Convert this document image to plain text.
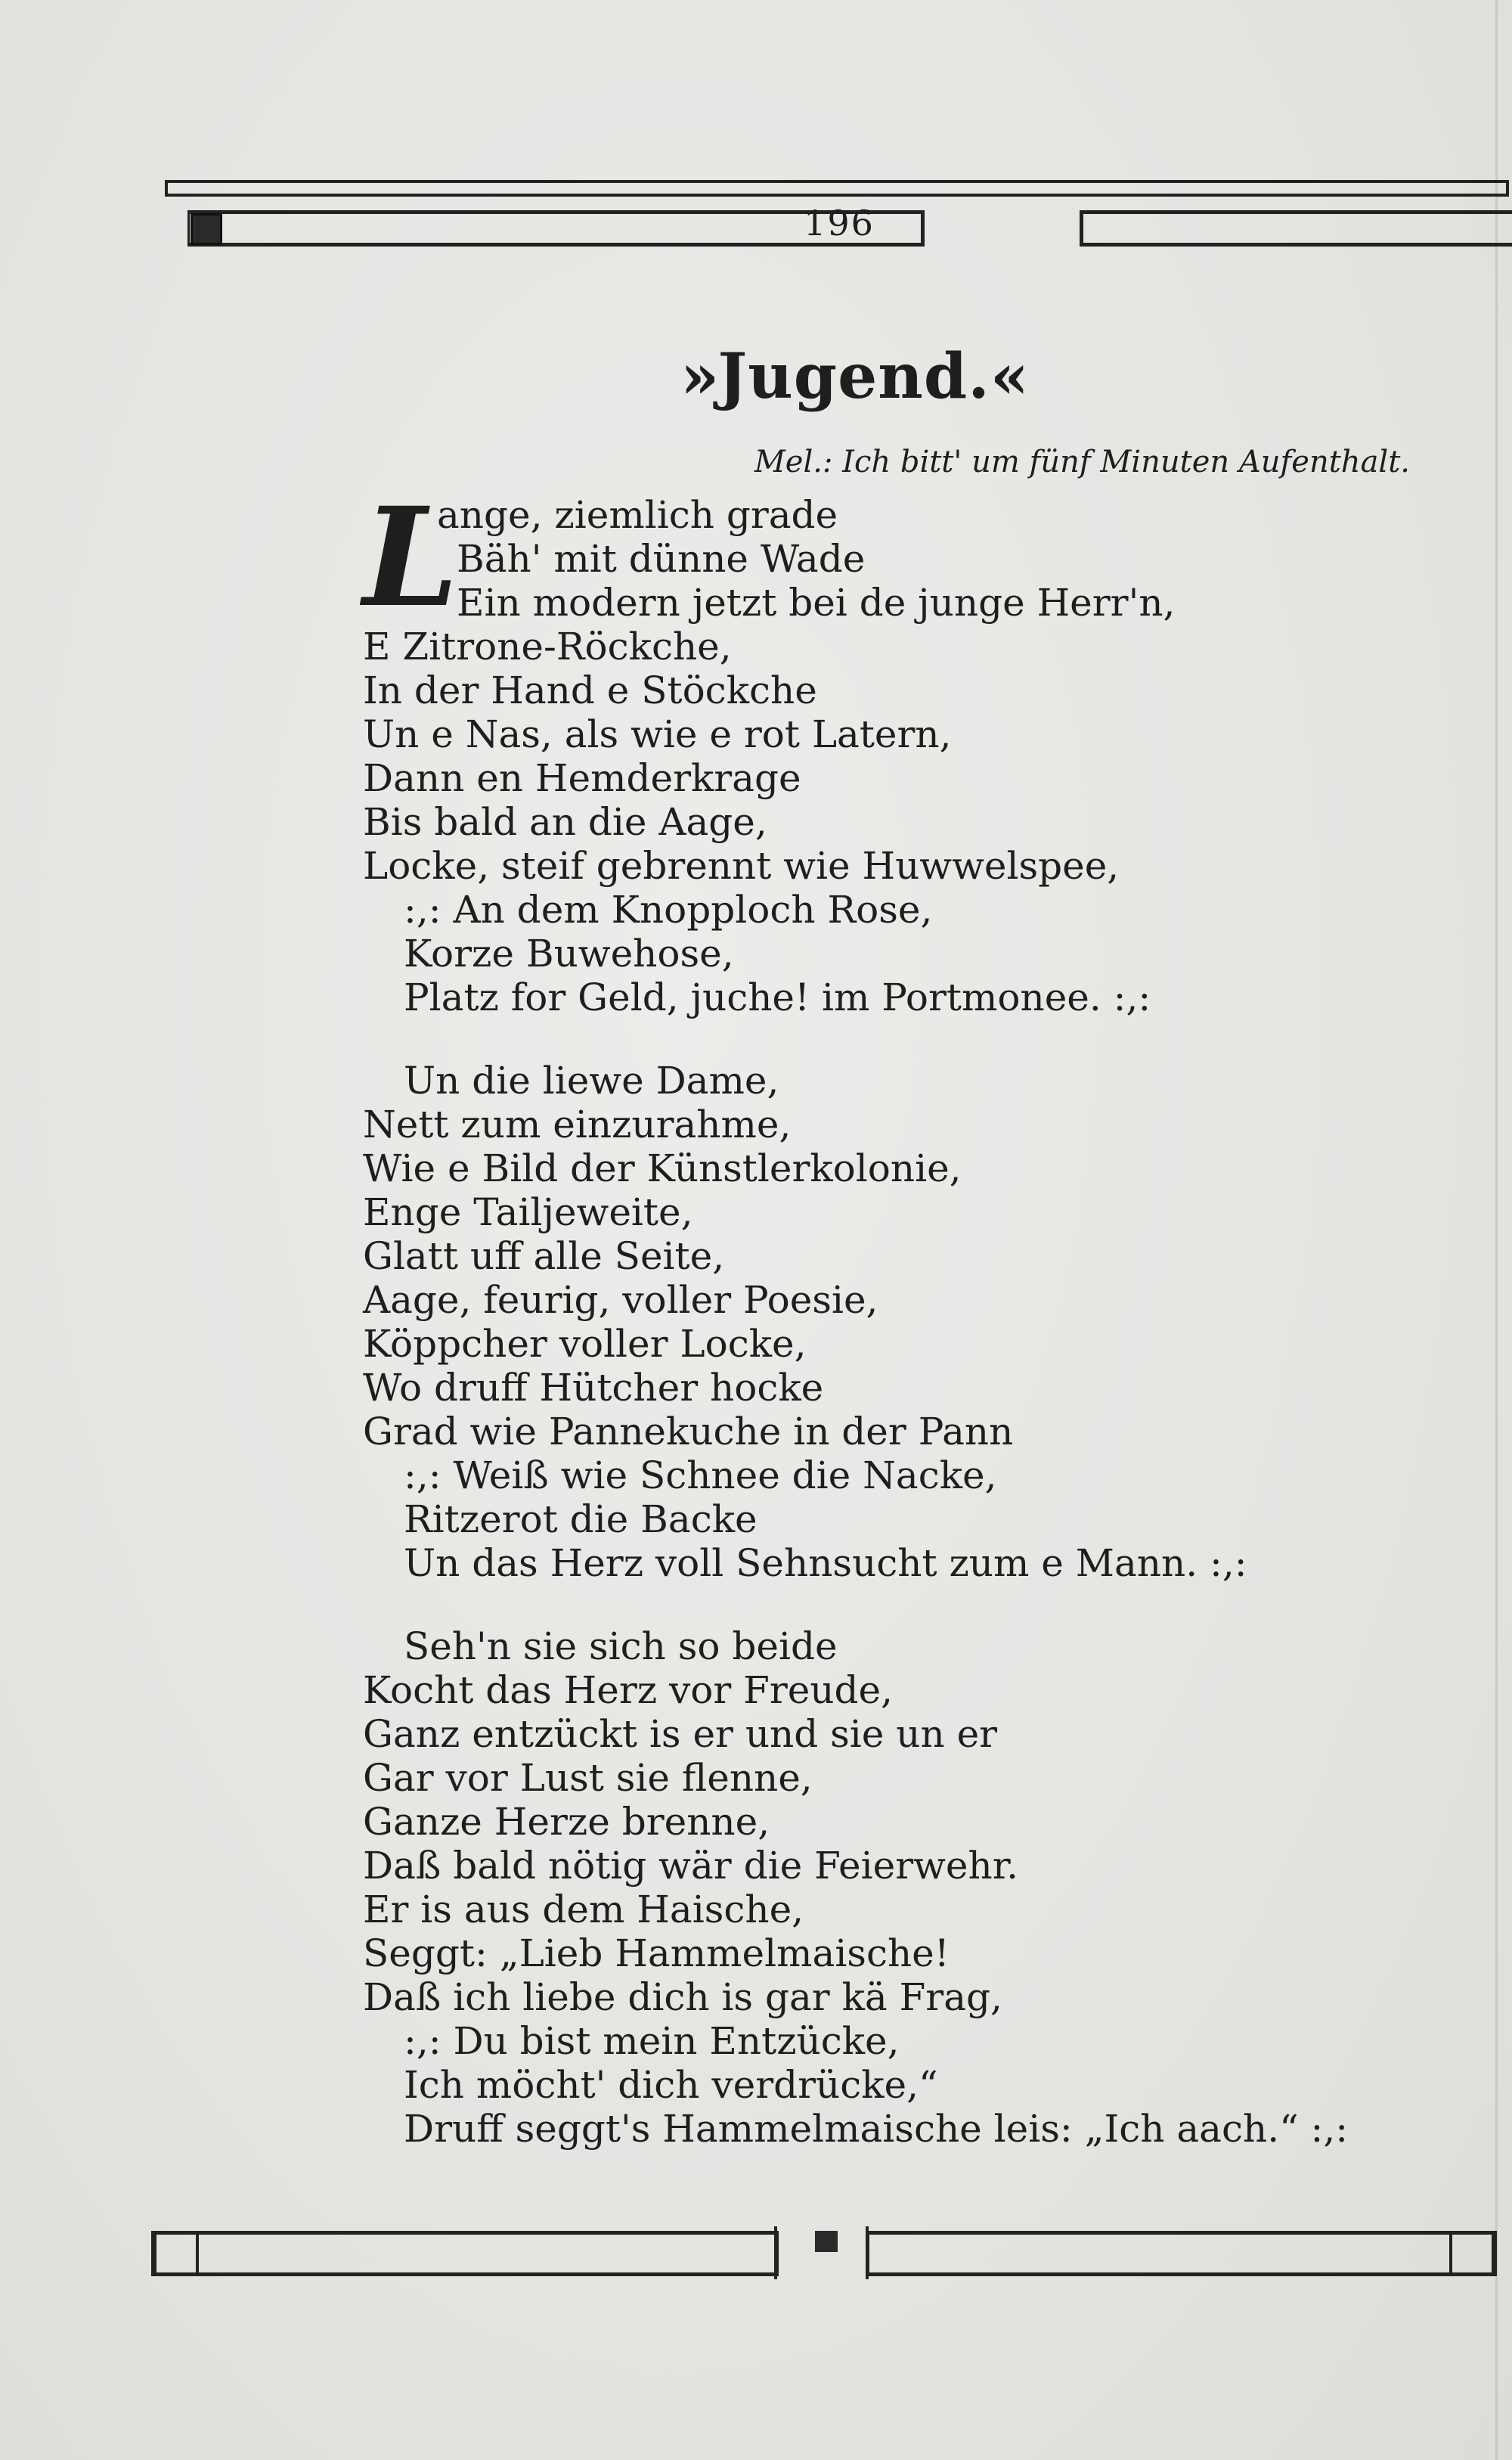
196
»Jugend.«
Mel.: Ich bitt' um fünf Minuten Aufenthalt.
L
ange, ziemlich grade
Bäh' mit dünne Wade
Ein modern jetzt bei de junge Herr'n,
E Zitrone-Röckche,
In der Hand e Stöckche
Un e Nas, als wie e rot Latern,
Dann en Hemderkrage
Bis bald an die Aage,
Locke, steif gebrennt wie Huwwelspee,
:,: An dem Knopploch Rose,
Korze Buwehose,
Platz for Geld, juche! im Portmonee. :,:
Un die liewe Dame,
Nett zum einzurahme,
Wie e Bild der Künstlerkolonie,
Enge Tailjeweite,
Glatt uff alle Seite,
Aage, feurig, voller Poesie,
Köppcher voller Locke,
Wo druff Hütcher hocke
Grad wie Pannekuche in der Pann
:,: Weiß wie Schnee die Nacke,
Ritzerot die Backe
Un das Herz voll Sehnsucht zum e Mann. :,:
Seh'n sie sich so beide
Kocht das Herz vor Freude,
Ganz entzückt is er und sie un er
Gar vor Lust sie flenne,
Ganze Herze brenne,
Daß bald nötig wär die Feierwehr.
Er is aus dem Haische,
Seggt: „Lieb Hammelmaische!
Daß ich liebe dich is gar kä Frag,
:,: Du bist mein Entzücke,
Ich möcht' dich verdrücke,“
Druff seggt's Hammelmaische leis: „Ich aach.“ :,:
